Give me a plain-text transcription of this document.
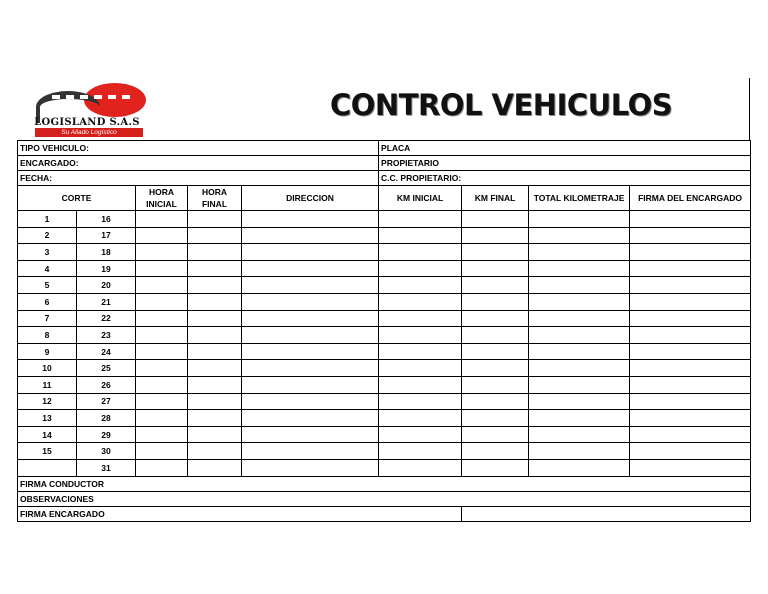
LOGISLAND S.A.S
Su Aliado Logístico
CONTROL VEHICULOS
TIPO VEHICULO:					PLACA			
ENCARGADO:					PROPIETARIO			
FECHA:					C.C. PROPIETARIO:			
CORTE		HORA INICIAL	HORA FINAL	DIRECCION	KM INICIAL	KM FINAL	TOTAL KILOMETRAJE	FIRMA DEL ENCARGADO
1	16							
2	17							
3	18							
4	19							
5	20							
6	21							
7	22							
8	23							
9	24							
10	25							
11	26							
12	27							
13	28							
14	29							
15	30							
	31							
FIRMA CONDUCTOR								
OBSERVACIONES								
FIRMA ENCARGADO								
